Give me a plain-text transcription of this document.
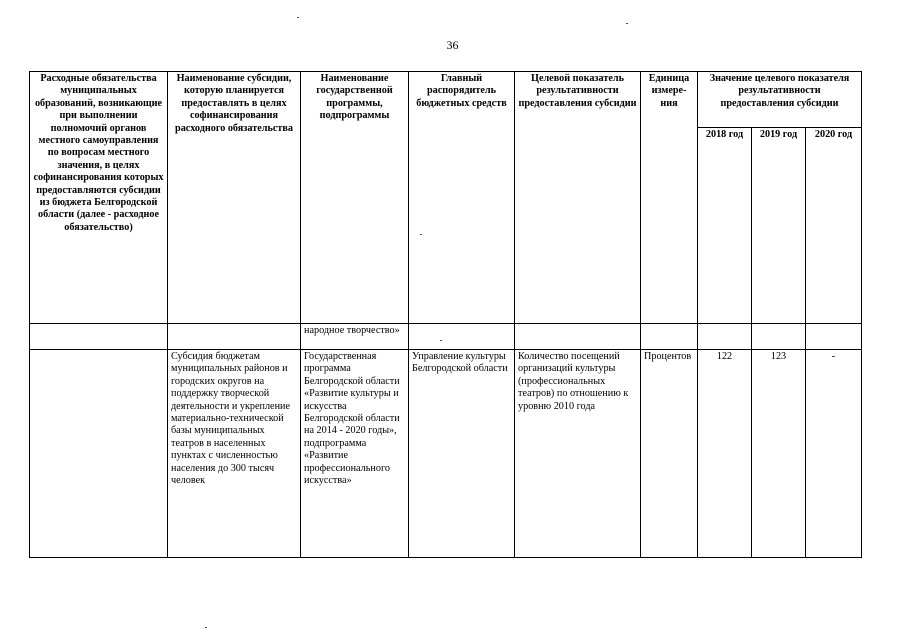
36
Расходные обязательства муниципальных образований, возникающие при выполнении полномочий органов местного самоуправления по вопросам местного значения, в целях софинансирования которых предоставляются субсидии из бюджета Белгородской области (далее - расходное обязательство)	Наименование субсидии, которую планируется предоставлять в целях софинансирования расходного обязательства	Наименование государственной программы, подпрограммы	Главный распорядитель бюджетных средств	Целевой показатель результативности предоставления субсидии	Единица измере-ния	Значение целевого показателя результативности предоставления субсидии		
						2018 год	2019 год	2020 год
		народное творчество»						
	Субсидия бюджетам муниципальных районов и городских округов на поддержку творческой деятельности и укрепление материально-технической базы муниципальных театров в населенных пунктах с численностью населения до 300 тысяч человек	Государственная программа Белгородской области «Развитие культуры и искусства Белгородской области на 2014 - 2020 годы», подпрограмма «Развитие профессионального искусства»	Управление культуры Белгородской области	Количество посещений организаций культуры (профессиональных театров) по отношению к уровню 2010 года	Процентов	122	123	-
